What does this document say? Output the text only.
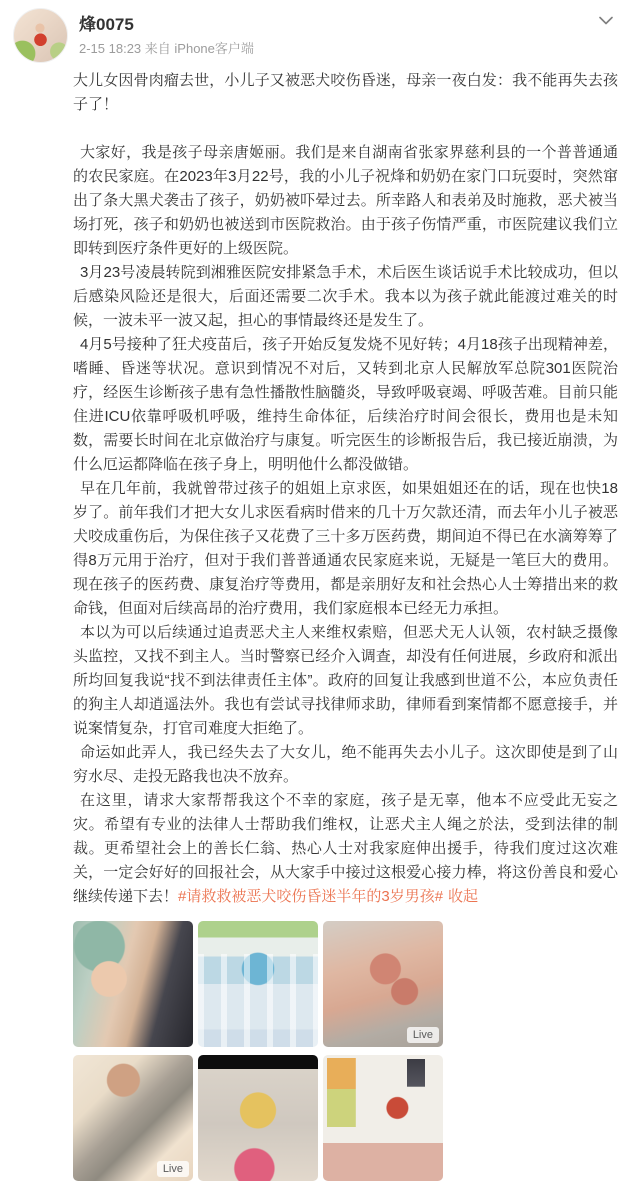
烽0075
2-15 18:23 来自 iPhone客户端

大儿女因骨肉瘤去世，小儿子又被恶犬咬伤昏迷，母亲一夜白发：我不能再失去孩子了！

大家好，我是孩子母亲唐姬丽。我们是来自湖南省张家界慈利县的一个普普通通的农民家庭。在2023年3月22号，我的小儿子祝烽和奶奶在家门口玩耍时，突然窜出了条大黑犬袭击了孩子，奶奶被吓晕过去。所幸路人和表弟及时施救，恶犬被当场打死，孩子和奶奶也被送到市医院救治。由于孩子伤情严重，市医院建议我们立即转到医疗条件更好的上级医院。

3月23号凌晨转院到湘雅医院安排紧急手术，术后医生谈话说手术比较成功，但以后感染风险还是很大，后面还需要二次手术。我本以为孩子就此能渡过难关的时候，一波未平一波又起，担心的事情最终还是发生了。

4月5号接种了狂犬疫苗后，孩子开始反复发烧不见好转；4月18孩子出现精神差，嗜睡、昏迷等状况。意识到情况不对后，又转到北京人民解放军总院301医院治疗，经医生诊断孩子患有急性播散性脑髓炎，导致呼吸衰竭、呼吸苦难。目前只能住进ICU依靠呼吸机呼吸，维持生命体征，后续治疗时间会很长，费用也是未知数，需要长时间在北京做治疗与康复。听完医生的诊断报告后，我已接近崩溃，为什么厄运都降临在孩子身上，明明他什么都没做错。

早在几年前，我就曾带过孩子的姐姐上京求医，如果姐姐还在的话，现在也快18岁了。前年我们才把大女儿求医看病时借来的几十万欠款还清，而去年小儿子被恶犬咬成重伤后，为保住孩子又花费了三十多万医药费，期间迫不得已在水滴筹筹了得8万元用于治疗，但对于我们普普通通农民家庭来说，无疑是一笔巨大的费用。现在孩子的医药费、康复治疗等费用，都是亲朋好友和社会热心人士筹措出来的救命钱，但面对后续高昂的治疗费用，我们家庭根本已经无力承担。

本以为可以后续通过追责恶犬主人来维权索赔，但恶犬无人认领，农村缺乏摄像头监控，又找不到主人。当时警察已经介入调查，却没有任何进展，乡政府和派出所均回复我说“找不到法律责任主体”。政府的回复让我感到世道不公，本应负责任的狗主人却逍遥法外。我也有尝试寻找律师求助，律师看到案情都不愿意接手，并说案情复杂，打官司难度大拒绝了。

命运如此弄人，我已经失去了大女儿，绝不能再失去小儿子。这次即使是到了山穷水尽、走投无路我也决不放弃。

在这里，请求大家帮帮我这个不幸的家庭，孩子是无辜，他本不应受此无妄之灾。希望有专业的法律人士帮助我们维权，让恶犬主人绳之於法，受到法律的制裁。更希望社会上的善长仁翁、热心人士对我家庭伸出援手，待我们度过这次难关，一定会好好的回报社会，从大家手中接过这根爱心接力棒，将这份善良和爱心继续传递下去！#请救救被恶犬咬伤昏迷半年的3岁男孩# 收起

Live
Live
